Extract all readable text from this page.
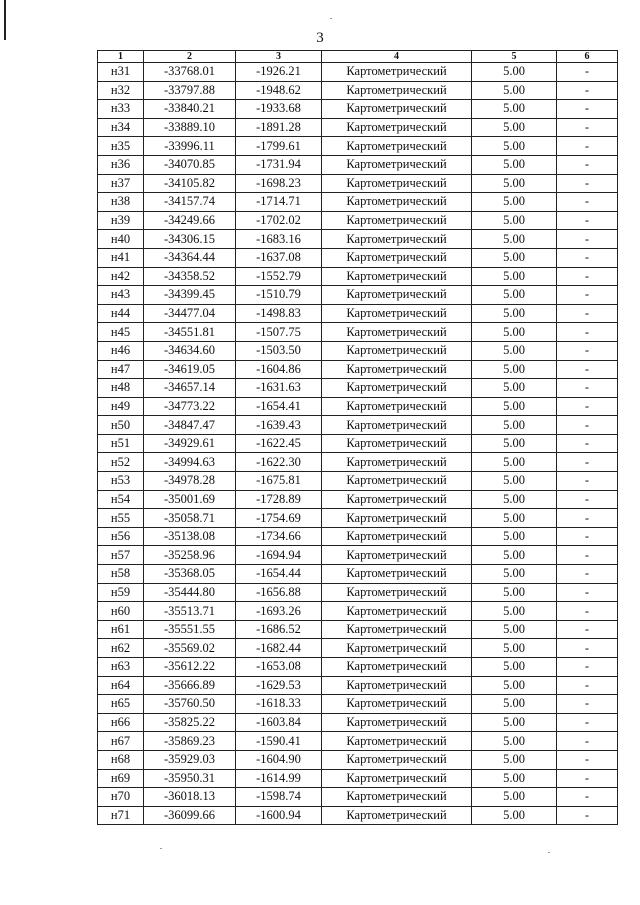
3
1	2	3	4	5	6
н31	-33768.01	-1926.21	Картометрический	5.00	-
н32	-33797.88	-1948.62	Картометрический	5.00	-
н33	-33840.21	-1933.68	Картометрический	5.00	-
н34	-33889.10	-1891.28	Картометрический	5.00	-
н35	-33996.11	-1799.61	Картометрический	5.00	-
н36	-34070.85	-1731.94	Картометрический	5.00	-
н37	-34105.82	-1698.23	Картометрический	5.00	-
н38	-34157.74	-1714.71	Картометрический	5.00	-
н39	-34249.66	-1702.02	Картометрический	5.00	-
н40	-34306.15	-1683.16	Картометрический	5.00	-
н41	-34364.44	-1637.08	Картометрический	5.00	-
н42	-34358.52	-1552.79	Картометрический	5.00	-
н43	-34399.45	-1510.79	Картометрический	5.00	-
н44	-34477.04	-1498.83	Картометрический	5.00	-
н45	-34551.81	-1507.75	Картометрический	5.00	-
н46	-34634.60	-1503.50	Картометрический	5.00	-
н47	-34619.05	-1604.86	Картометрический	5.00	-
н48	-34657.14	-1631.63	Картометрический	5.00	-
н49	-34773.22	-1654.41	Картометрический	5.00	-
н50	-34847.47	-1639.43	Картометрический	5.00	-
н51	-34929.61	-1622.45	Картометрический	5.00	-
н52	-34994.63	-1622.30	Картометрический	5.00	-
н53	-34978.28	-1675.81	Картометрический	5.00	-
н54	-35001.69	-1728.89	Картометрический	5.00	-
н55	-35058.71	-1754.69	Картометрический	5.00	-
н56	-35138.08	-1734.66	Картометрический	5.00	-
н57	-35258.96	-1694.94	Картометрический	5.00	-
н58	-35368.05	-1654.44	Картометрический	5.00	-
н59	-35444.80	-1656.88	Картометрический	5.00	-
н60	-35513.71	-1693.26	Картометрический	5.00	-
н61	-35551.55	-1686.52	Картометрический	5.00	-
н62	-35569.02	-1682.44	Картометрический	5.00	-
н63	-35612.22	-1653.08	Картометрический	5.00	-
н64	-35666.89	-1629.53	Картометрический	5.00	-
н65	-35760.50	-1618.33	Картометрический	5.00	-
н66	-35825.22	-1603.84	Картометрический	5.00	-
н67	-35869.23	-1590.41	Картометрический	5.00	-
н68	-35929.03	-1604.90	Картометрический	5.00	-
н69	-35950.31	-1614.99	Картометрический	5.00	-
н70	-36018.13	-1598.74	Картометрический	5.00	-
н71	-36099.66	-1600.94	Картометрический	5.00	-
